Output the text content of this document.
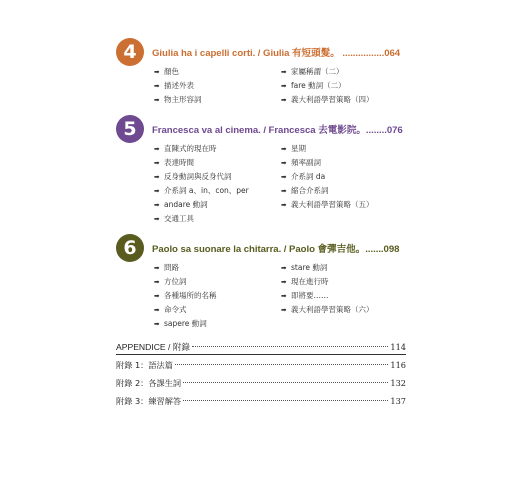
4	Giulia ha i capelli corti. / Giulia 有短頭髮。 ................064
➡ 顏色
➡ 描述外表
➡ 物主形容詞
➡ 家屬稱謂（二）
➡ fare 動詞（二）
➡ 義大利語學習策略（四）
5	Francesca va al cinema. / Francesca 去電影院。........076
➡ 直陳式的現在時
➡ 表達時間
➡ 反身動詞與反身代詞
➡ 介系詞 a、in、con、per
➡ andare 動詞
➡ 交通工具
➡ 星期
➡ 頻率副詞
➡ 介系詞 da
➡ 縮合介系詞
➡ 義大利語學習策略（五）
6	Paolo sa suonare la chitarra. / Paolo 會彈吉他。.......098
➡ 問路
➡ 方位詞
➡ 各種場所的名稱
➡ 命令式
➡ sapere 動詞
➡ stare 動詞
➡ 現在進行時
➡ 即將要……
➡ 義大利語學習策略（六）
APPENDICE / 附錄	114
附錄 1：語法篇	116
附錄 2：各課生詞	132
附錄 3：練習解答	137
